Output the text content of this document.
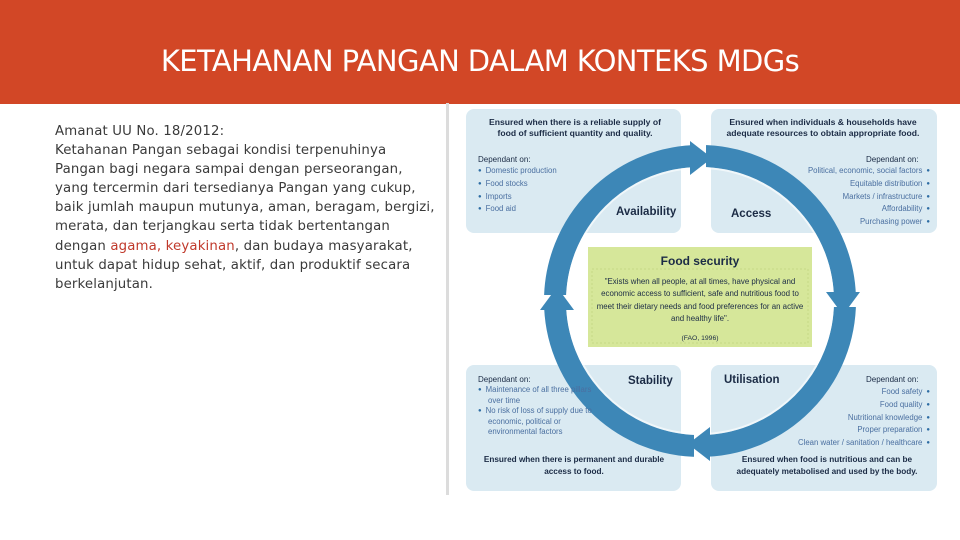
KETAHANAN PANGAN DALAM KONTEKS MDGs
Amanat UU No. 18/2012:
Ketahanan Pangan sebagai kondisi terpenuhinya Pangan bagi negara sampai dengan perseorangan, yang tercermin dari tersedianya Pangan yang cukup, baik jumlah maupun mutunya, aman, beragam, bergizi, merata, dan terjangkau serta tidak bertentangan dengan agama, keyakinan, dan budaya masyarakat, untuk dapat hidup sehat, aktif, dan produktif secara berkelanjutan.
Ensured when there is a reliable supply of food of sufficient quantity and quality.
Dependant on:
● Domestic production
● Food stocks
● Imports
● Food aid	Availability
Ensured when individuals & households have adequate resources to obtain appropriate food.
Dependant on:
Political, economic, social factors ●
Equitable distribution ●
Markets / infrastructure ●
Affordability ●
Purchasing power ●
Access
Food security
"Exists when all people, at all times, have physical and economic access to sufficient, safe and nutritious food to meet their dietary needs and food preferences for an active and healthy life".
(FAO, 1996)
Dependant on:
● Maintenance of all three pillars over time
● No risk of loss of supply due to economic, political or environmental factors
Stability
Ensured when there is permanent and durable access to food.
Utilisation	Dependant on:
Food safety ●
Food quality ●
Nutritional knowledge ●
Proper preparation ●
Clean water / sanitation / healthcare ●
Ensured when food is nutritious and can be adequately metabolised and used by the body.
